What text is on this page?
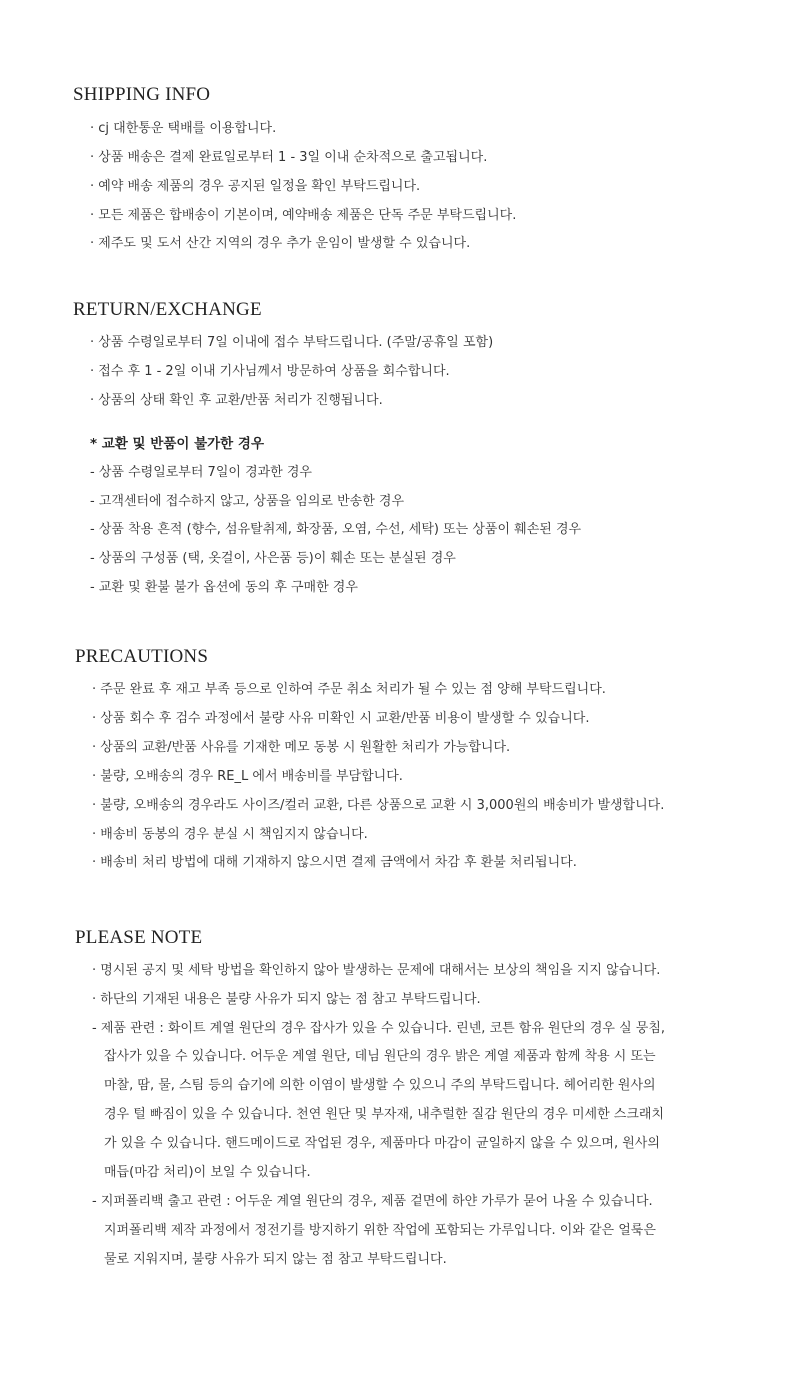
SHIPPING INFO

· cj 대한통운 택배를 이용합니다.

· 상품 배송은 결제 완료일로부터 1 - 3일 이내 순차적으로 출고됩니다.

· 예약 배송 제품의 경우 공지된 일정을 확인 부탁드립니다.

· 모든 제품은 합배송이 기본이며, 예약배송 제품은 단독 주문 부탁드립니다.

· 제주도 및 도서 산간 지역의 경우 추가 운임이 발생할 수 있습니다.

RETURN/EXCHANGE

· 상품 수령일로부터 7일 이내에 접수 부탁드립니다. (주말/공휴일 포함)

· 접수 후 1 - 2일 이내 기사님께서 방문하여 상품을 회수합니다.

· 상품의 상태 확인 후 교환/반품 처리가 진행됩니다.

* 교환 및 반품이 불가한 경우

- 상품 수령일로부터 7일이 경과한 경우

- 고객센터에 접수하지 않고, 상품을 임의로 반송한 경우

- 상품 착용 흔적 (향수, 섬유탈취제, 화장품, 오염, 수선, 세탁) 또는 상품이 훼손된 경우

- 상품의 구성품 (택, 옷걸이, 사은품 등)이 훼손 또는 분실된 경우

- 교환 및 환불 불가 옵션에 동의 후 구매한 경우

PRECAUTIONS

· 주문 완료 후 재고 부족 등으로 인하여 주문 취소 처리가 될 수 있는 점 양해 부탁드립니다.

· 상품 회수 후 검수 과정에서 불량 사유 미확인 시 교환/반품 비용이 발생할 수 있습니다.

· 상품의 교환/반품 사유를 기재한 메모 동봉 시 원활한 처리가 가능합니다.

· 불량, 오배송의 경우 RE_L 에서 배송비를 부담합니다.

· 불량, 오배송의 경우라도 사이즈/컬러 교환, 다른 상품으로 교환 시 3,000원의 배송비가 발생합니다.

· 배송비 동봉의 경우 분실 시 책임지지 않습니다.

· 배송비 처리 방법에 대해 기재하지 않으시면 결제 금액에서 차감 후 환불 처리됩니다.

PLEASE NOTE

· 명시된 공지 및 세탁 방법을 확인하지 않아 발생하는 문제에 대해서는 보상의 책임을 지지 않습니다.

· 하단의 기재된 내용은 불량 사유가 되지 않는 점 참고 부탁드립니다.

- 제품 관련 : 화이트 계열 원단의 경우 잡사가 있을 수 있습니다. 린넨, 코튼 함유 원단의 경우 실 뭉침,

잡사가 있을 수 있습니다. 어두운 계열 원단, 데님 원단의 경우 밝은 계열 제품과 함께 착용 시 또는

마찰, 땀, 물, 스팀 등의 습기에 의한 이염이 발생할 수 있으니 주의 부탁드립니다. 헤어리한 원사의

경우 털 빠짐이 있을 수 있습니다. 천연 원단 및 부자재, 내추럴한 질감 원단의 경우 미세한 스크래치

가 있을 수 있습니다. 핸드메이드로 작업된 경우, 제품마다 마감이 균일하지 않을 수 있으며, 원사의

매듭(마감 처리)이 보일 수 있습니다.

- 지퍼폴리백 출고 관련 : 어두운 계열 원단의 경우, 제품 겉면에 하얀 가루가 묻어 나올 수 있습니다.

지퍼폴리백 제작 과정에서 정전기를 방지하기 위한 작업에 포함되는 가루입니다. 이와 같은 얼룩은

물로 지워지며, 불량 사유가 되지 않는 점 참고 부탁드립니다.
